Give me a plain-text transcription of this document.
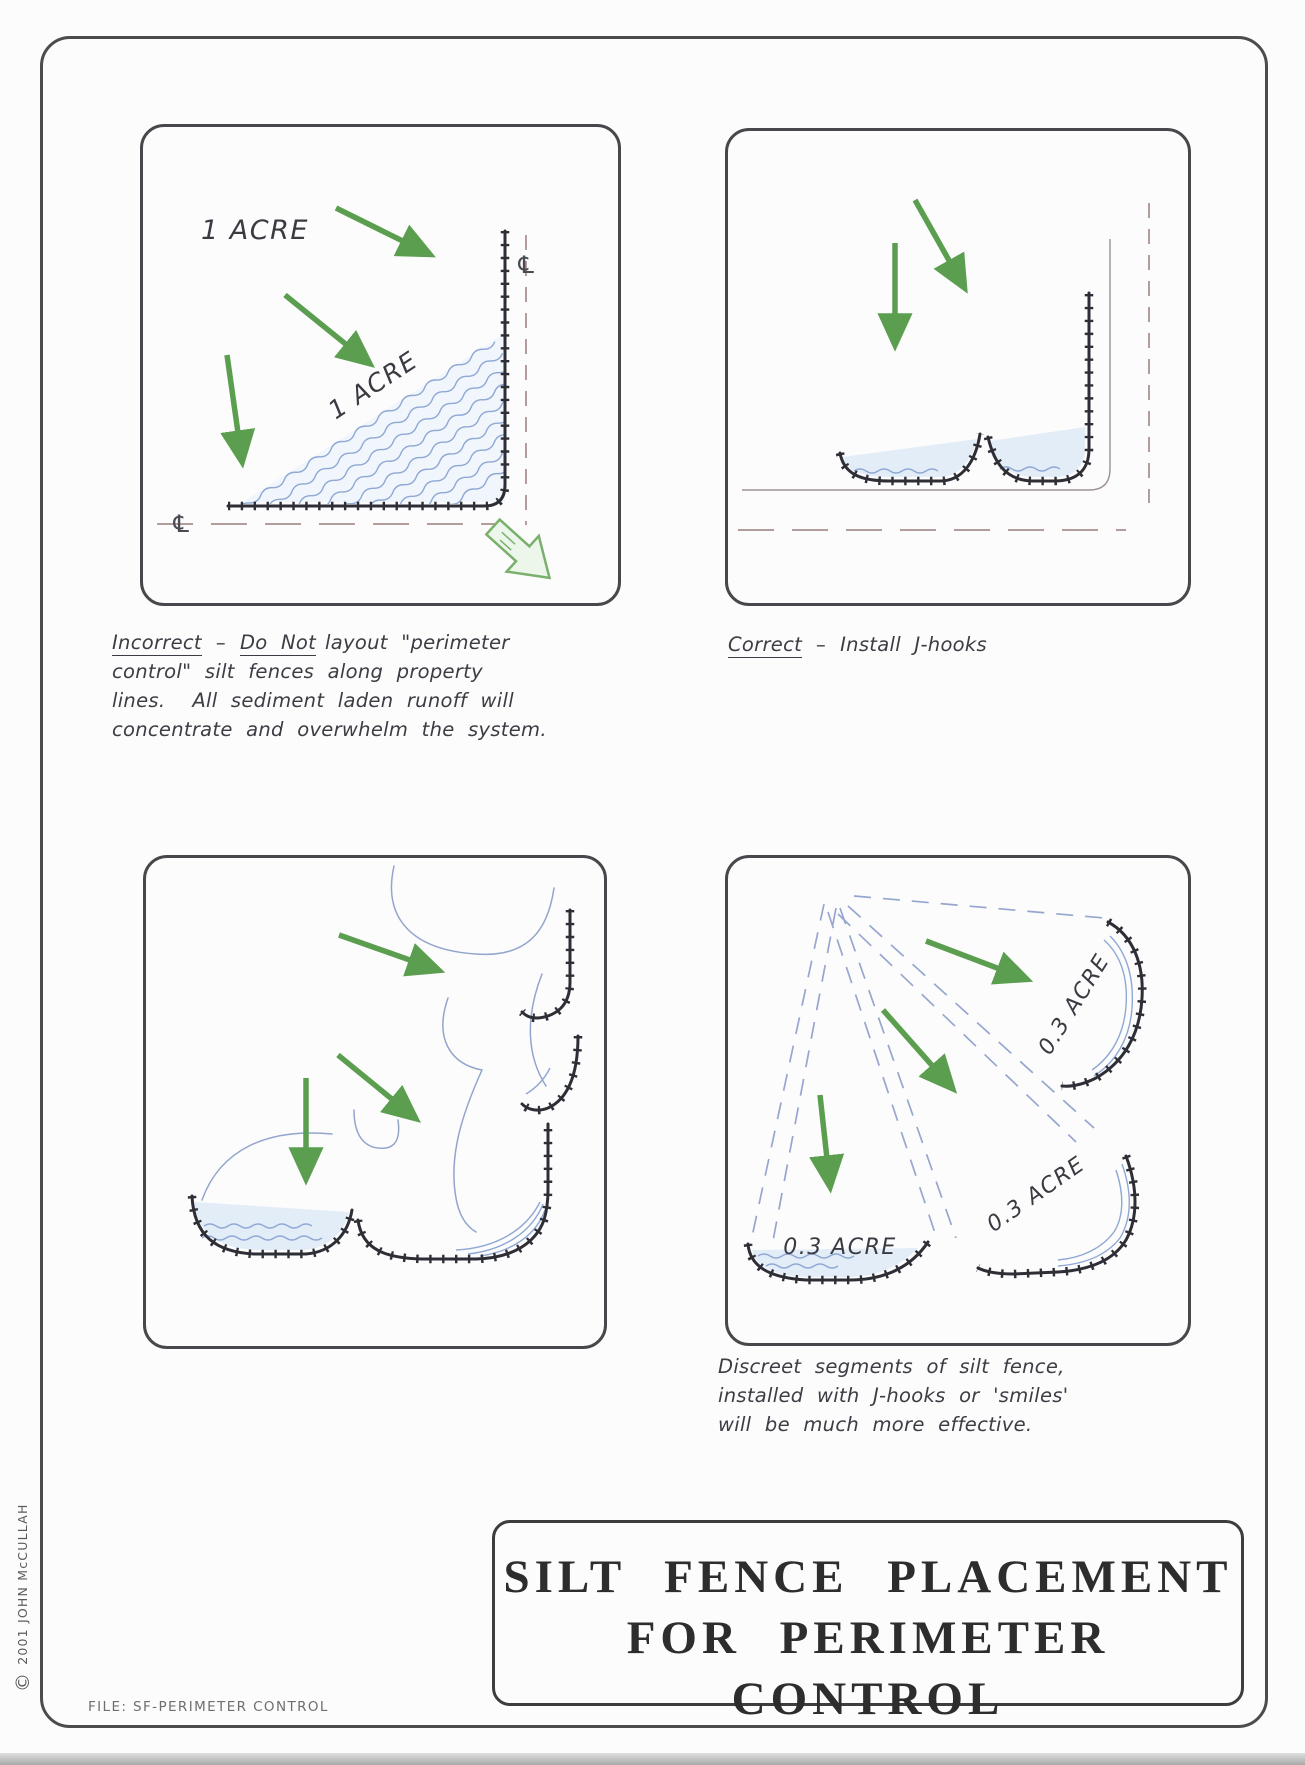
1 ACRE
1 ACRE
℄
℄
0.3 ACRE
0.3 ACRE
0.3 ACRE
Incorrect – Do Not layout "perimeter
control" silt fences along property
lines.  All sediment laden runoff will
concentrate and overwhelm the system.
Correct – Install J-hooks
Discreet segments of silt fence,
installed with J-hooks or 'smiles'
will be much more effective.
SILT FENCE PLACEMENT
FOR PERIMETER CONTROL
©2001 JOHN McCULLAH
FILE: SF-PERIMETER CONTROL
